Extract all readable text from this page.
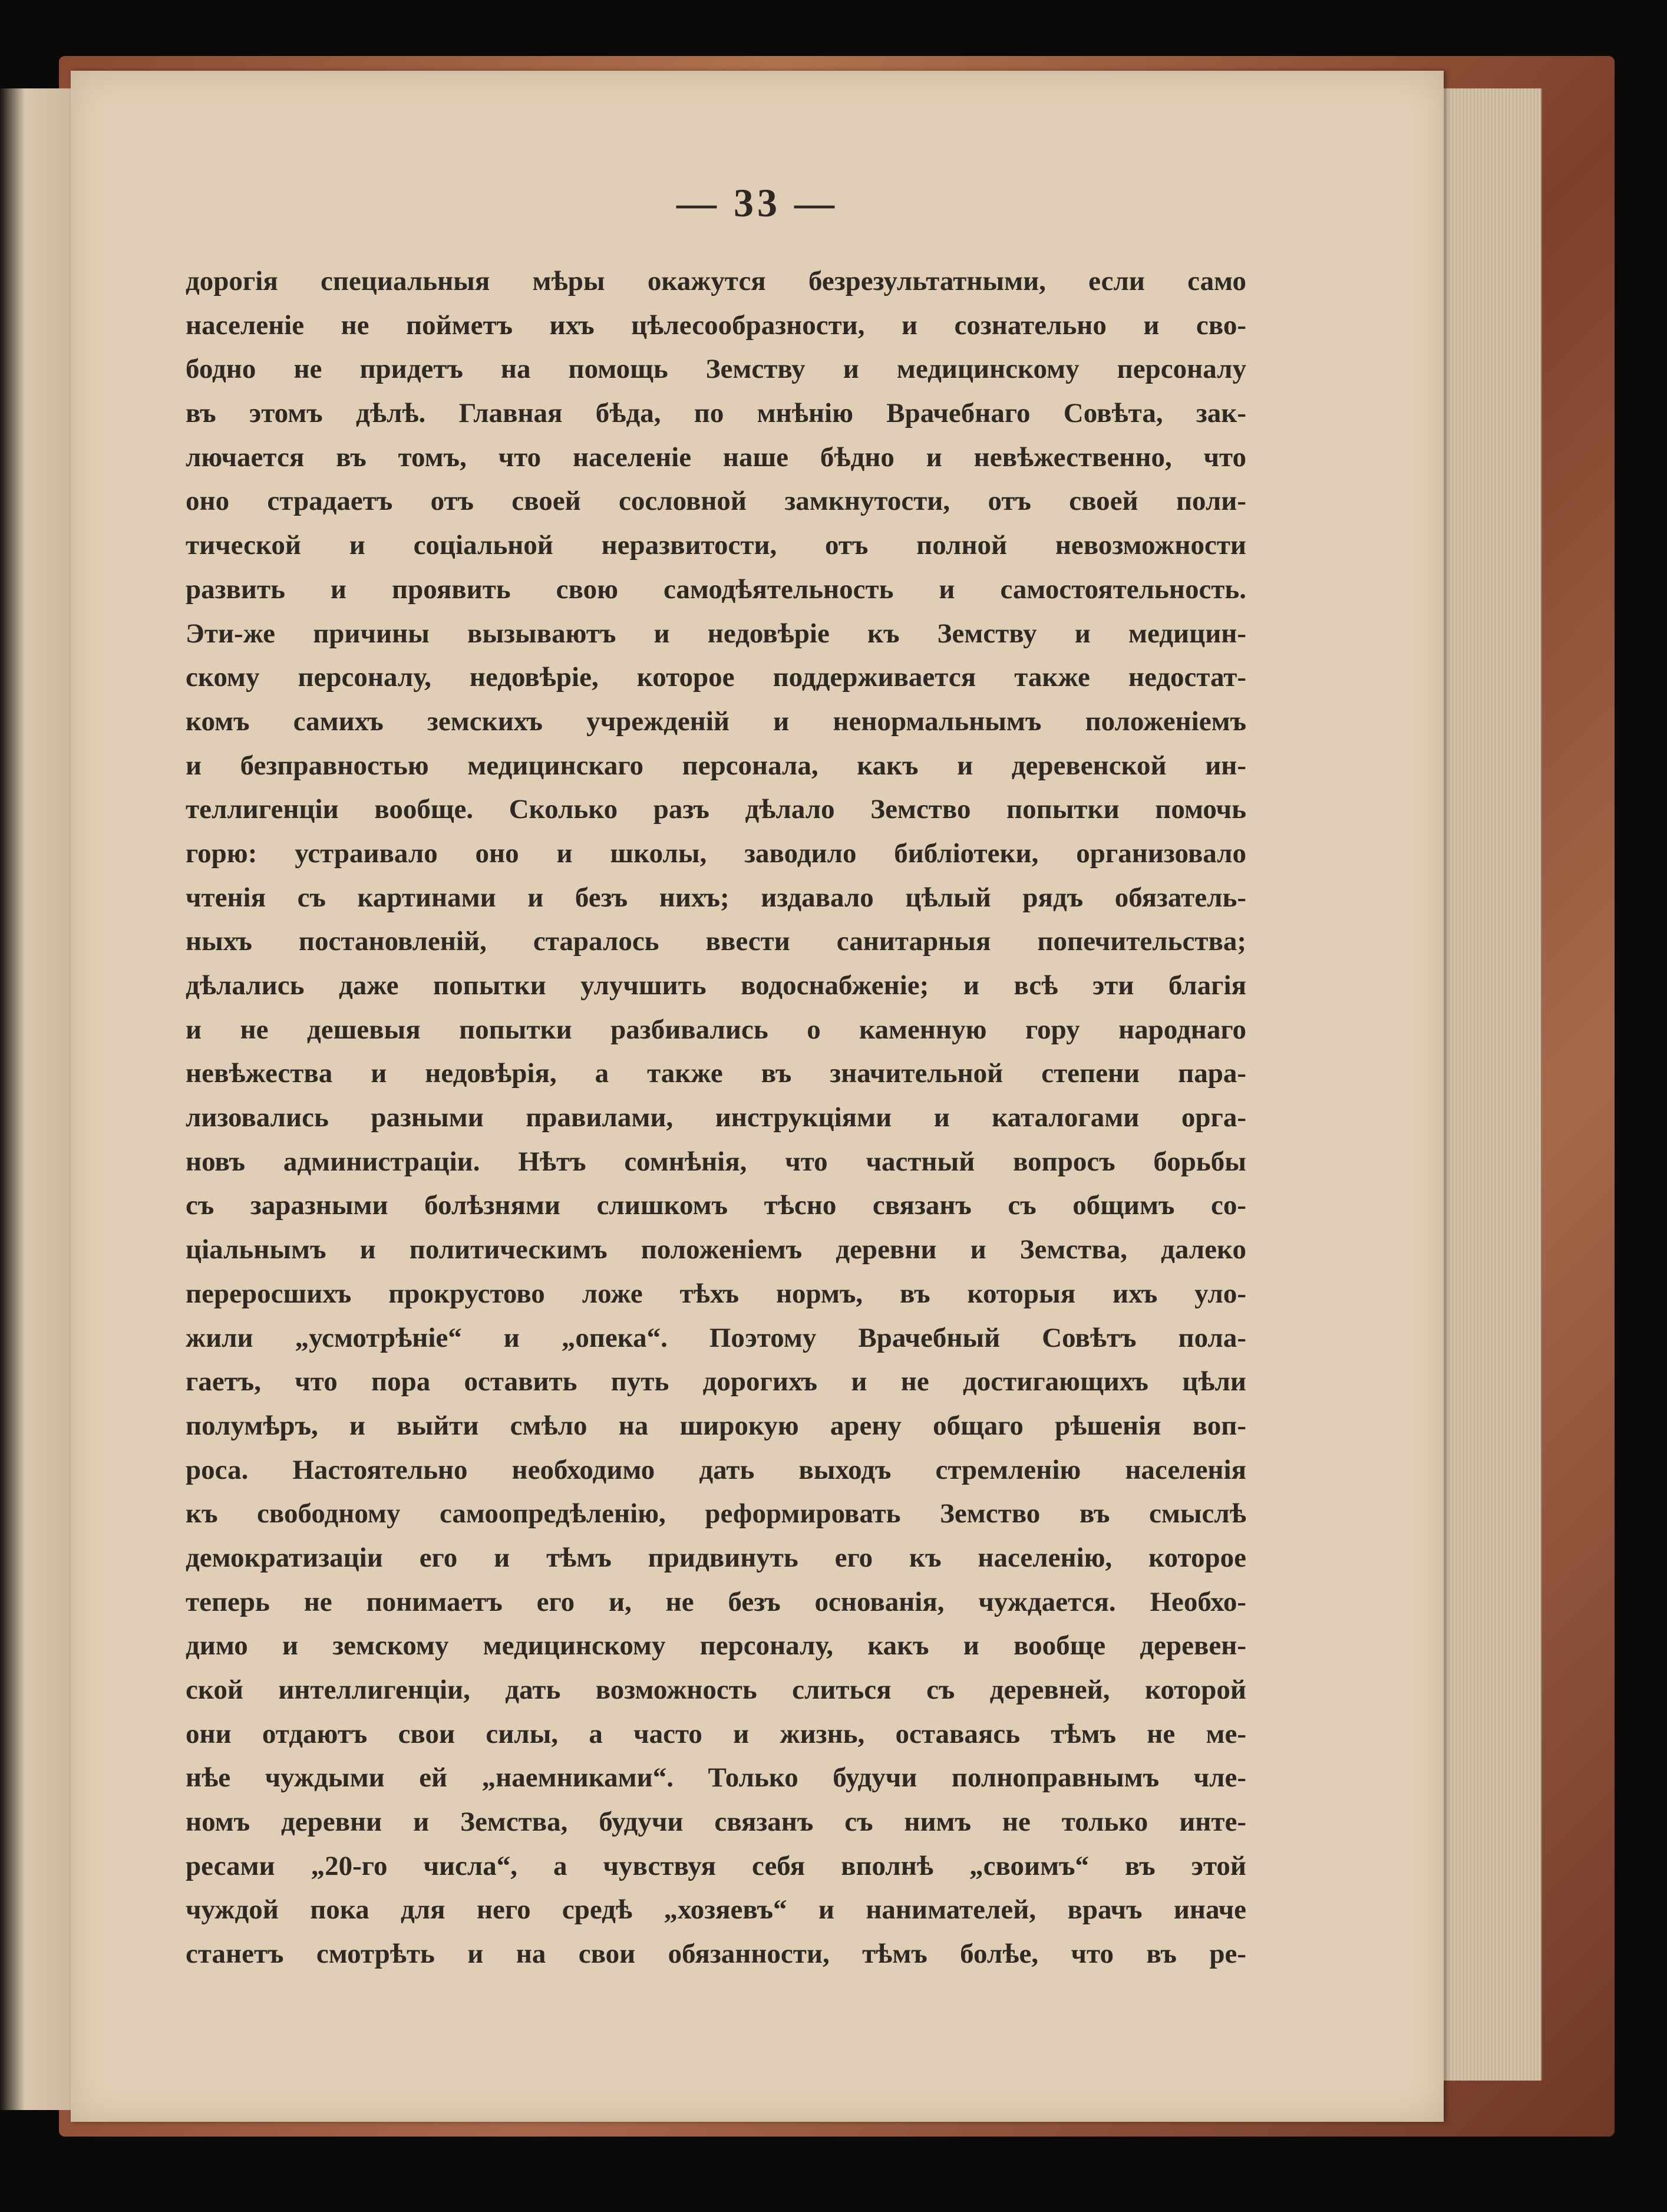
— 33 —
дорогія специальныя мѣры окажутся безрезультатными, если само
населеніе не пойметъ ихъ цѣлесообразности, и сознательно и сво-
бодно не придетъ на помощь Земству и медицинскому персоналу
въ этомъ дѣлѣ. Главная бѣда, по мнѣнію Врачебнаго Совѣта, зак-
лючается въ томъ, что населеніе наше бѣдно и невѣжественно, что
оно страдаетъ отъ своей сословной замкнутости, отъ своей поли-
тической и соціальной неразвитости, отъ полной невозможности
развить и проявить свою самодѣятельность и самостоятельность.
Эти-же причины вызываютъ и недовѣріе къ Земству и медицин-
скому персоналу, недовѣріе, которое поддерживается также недостат-
комъ самихъ земскихъ учрежденій и ненормальнымъ положеніемъ
и безправностью медицинскаго персонала, какъ и деревенской ин-
теллигенціи вообще. Сколько разъ дѣлало Земство попытки помочь
горю: устраивало оно и школы, заводило библіотеки, организовало
чтенія съ картинами и безъ нихъ; издавало цѣлый рядъ обязатель-
ныхъ постановленій, старалось ввести санитарныя попечительства;
дѣлались даже попытки улучшить водоснабженіе; и всѣ эти благія
и не дешевыя попытки разбивались о каменную гору народнаго
невѣжества и недовѣрія, а также въ значительной степени пара-
лизовались разными правилами, инструкціями и каталогами орга-
новъ администраціи. Нѣтъ сомнѣнія, что частный вопросъ борьбы
съ заразными болѣзнями слишкомъ тѣсно связанъ съ общимъ со-
ціальнымъ и политическимъ положеніемъ деревни и Земства, далеко
переросшихъ прокрустово ложе тѣхъ нормъ, въ которыя ихъ уло-
жили „усмотрѣніе“ и „опека“. Поэтому Врачебный Совѣтъ пола-
гаетъ, что пора оставить путь дорогихъ и не достигающихъ цѣли
полумѣръ, и выйти смѣло на широкую арену общаго рѣшенія воп-
роса. Настоятельно необходимо дать выходъ стремленію населенія
къ свободному самоопредѣленію, реформировать Земство въ смыслѣ
демократизаціи его и тѣмъ придвинуть его къ населенію, которое
теперь не понимаетъ его и, не безъ основанія, чуждается. Необхо-
димо и земскому медицинскому персоналу, какъ и вообще деревен-
ской интеллигенціи, дать возможность слиться съ деревней, которой
они отдаютъ свои силы, а часто и жизнь, оставаясь тѣмъ не ме-
нѣе чуждыми ей „наемниками“. Только будучи полноправнымъ чле-
номъ деревни и Земства, будучи связанъ съ нимъ не только инте-
ресами „20-го числа“, а чувствуя себя вполнѣ „своимъ“ въ этой
чуждой пока для него средѣ „хозяевъ“ и нанимателей, врачъ иначе
станетъ смотрѣть и на свои обязанности, тѣмъ болѣе, что въ ре-
